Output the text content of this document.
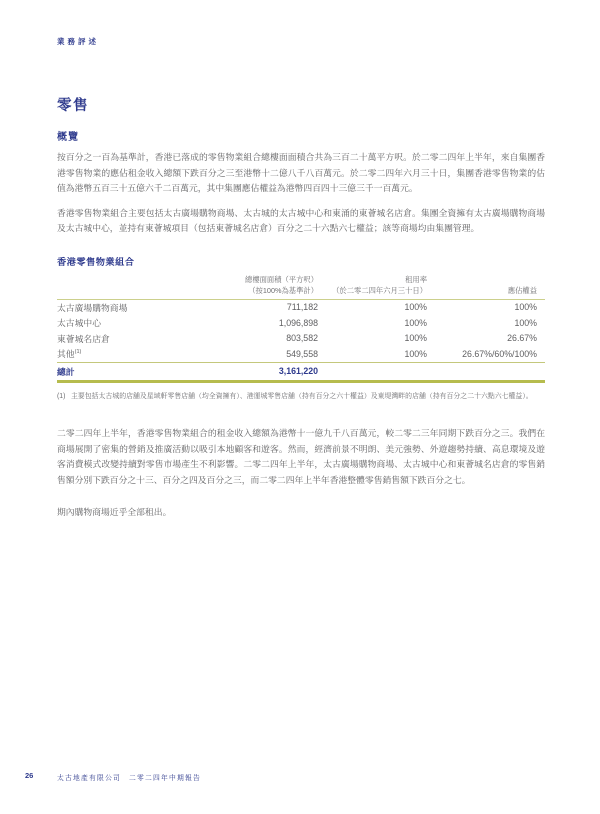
業務評述
零售
概覽
按百分之一百為基準計，香港已落成的零售物業組合總樓面面積合共為三百二十萬平方呎。於二零二四年上半年，來自集團香港零售物業的應佔租金收入總額下跌百分之三至港幣十二億八千八百萬元。於二零二四年六月三十日，集團香港零售物業的估值為港幣五百三十五億六千二百萬元，其中集團應佔權益為港幣四百四十三億三千一百萬元。
香港零售物業組合主要包括太古廣場購物商場、太古城的太古城中心和東涌的東薈城名店倉。集團全資擁有太古廣場購物商場及太古城中心，並持有東薈城項目（包括東薈城名店倉）百分之二十六點六七權益；該等商場均由集團管理。
香港零售物業組合
總樓面面積（平方呎）
（按100%為基準計）
租用率
（於二零二四年六月三十日）	應佔權益
太古廣場購物商場	711,182	100%	100%
太古城中心	1,096,898	100%	100%
東薈城名店倉	803,582	100%	26.67%
其他$^{(1)}$	549,558	100%	26.67%/60%/100%
總計	3,161,220
(1) 主要包括太古城的店舖及星域軒零售店舖（均全資擁有）、港運城零售店舖（持有百分之六十權益）及東堤灣畔的店舖（持有百分之二十六點六七權益）。
二零二四年上半年，香港零售物業組合的租金收入總額為港幣十一億九千八百萬元，較二零二三年同期下跌百分之三。我們在商場展開了密集的營銷及推廣活動以吸引本地顧客和遊客。然而，經濟前景不明朗、美元強勢、外遊趨勢持續、高息環境及遊客消費模式改變持續對零售市場產生不利影響。二零二四年上半年，太古廣場購物商場、太古城中心和東薈城名店倉的零售銷售額分別下跌百分之十三、百分之四及百分之三，而二零二四年上半年香港整體零售銷售額下跌百分之七。
期內購物商場近乎全部租出。
26	太古地產有限公司　二零二四年中期報告
